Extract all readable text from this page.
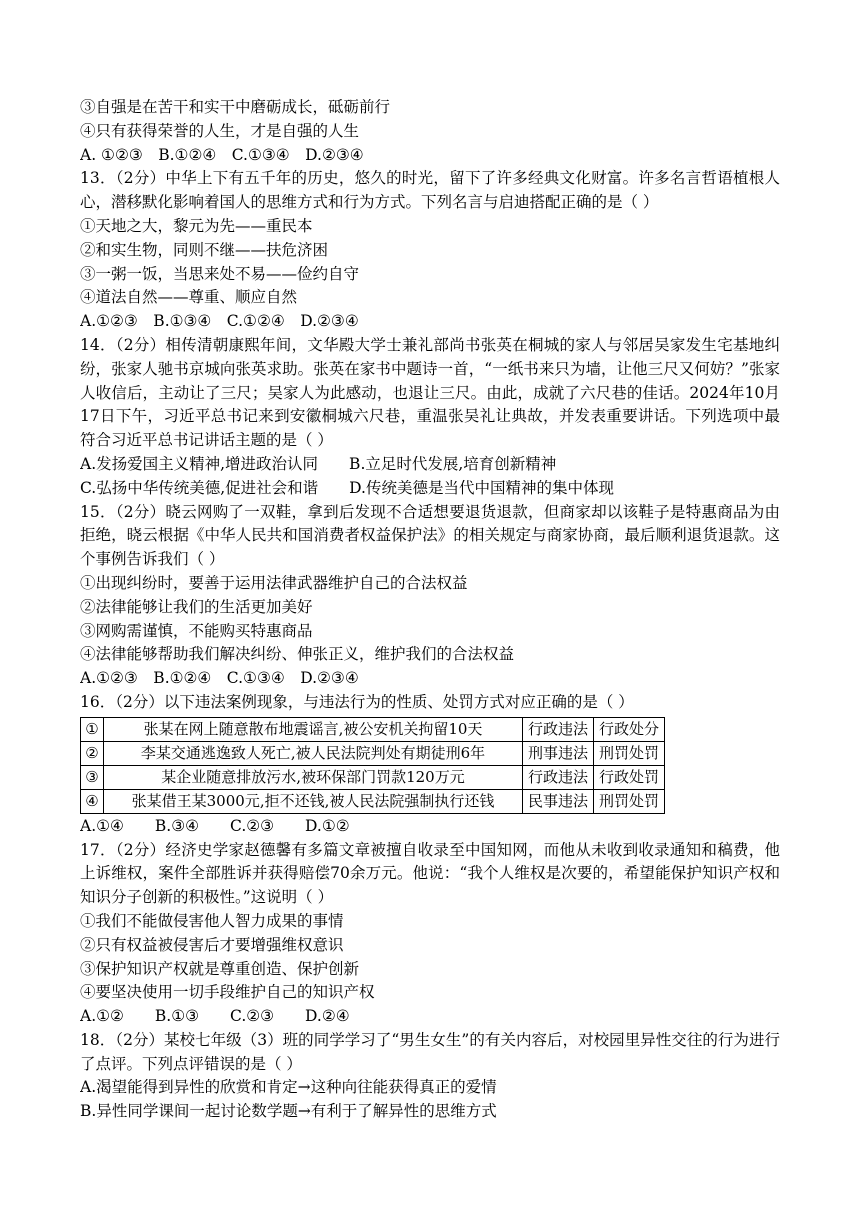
③自强是在苦干和实干中磨砺成长，砥砺前行
④只有获得荣誉的人生，才是自强的人生
A. ①②③　B.①②④　C.①③④　D.②③④
13．（2分）中华上下有五千年的历史，悠久的时光，留下了许多经典文化财富。许多名言哲语植根人心，潜移默化影响着国人的思维方式和行为方式。下列名言与启迪搭配正确的是（ ）
①天地之大，黎元为先——重民本
②和实生物，同则不继——扶危济困
③一粥一饭，当思来处不易——俭约自守
④道法自然——尊重、顺应自然
A.①②③　B.①③④　C.①②④　D.②③④
14．（2分）相传清朝康熙年间，文华殿大学士兼礼部尚书张英在桐城的家人与邻居吴家发生宅基地纠纷，张家人驰书京城向张英求助。张英在家书中题诗一首，“一纸书来只为墙，让他三尺又何妨？”张家人收信后，主动让了三尺；吴家人为此感动，也退让三尺。由此，成就了六尺巷的佳话。2024年10月17日下午，习近平总书记来到安徽桐城六尺巷，重温张吴礼让典故，并发表重要讲话。下列选项中最符合习近平总书记讲话主题的是（ ）
A.发扬爱国主义精神,增进政治认同　　B.立足时代发展,培育创新精神
C.弘扬中华传统美德,促进社会和谐　　D.传统美德是当代中国精神的集中体现
15．（2分）晓云网购了一双鞋，拿到后发现不合适想要退货退款，但商家却以该鞋子是特惠商品为由拒绝，晓云根据《中华人民共和国消费者权益保护法》的相关规定与商家协商，最后顺利退货退款。这个事例告诉我们（ ）
①出现纠纷时，要善于运用法律武器维护自己的合法权益
②法律能够让我们的生活更加美好
③网购需谨慎，不能购买特惠商品
④法律能够帮助我们解决纠纷、伸张正义，维护我们的合法权益
A.①②③　B.①②④　C.①③④　D.②③④
16．（2分）以下违法案例现象，与违法行为的性质、处罚方式对应正确的是（ ）
①	张某在网上随意散布地震谣言,被公安机关拘留10天	行政违法	行政处分
②	李某交通逃逸致人死亡,被人民法院判处有期徒刑6年	刑事违法	刑罚处罚
③	某企业随意排放污水,被环保部门罚款120万元	行政违法	行政处罚
④	张某借王某3000元,拒不还钱,被人民法院强制执行还钱	民事违法	刑罚处罚
A.①④　　B.③④　　C.②③　　D.①②
17．（2分）经济史学家赵德馨有多篇文章被擅自收录至中国知网，而他从未收到收录通知和稿费，他上诉维权，案件全部胜诉并获得赔偿70余万元。他说：“我个人维权是次要的，希望能保护知识产权和知识分子创新的积极性。”这说明（ ）
①我们不能做侵害他人智力成果的事情
②只有权益被侵害后才要增强维权意识
③保护知识产权就是尊重创造、保护创新
④要坚决使用一切手段维护自己的知识产权
A.①②　　B.①③　　C.②③　　D.②④
18．（2分）某校七年级（3）班的同学学习了“男生女生”的有关内容后，对校园里异性交往的行为进行了点评。下列点评错误的是（ ）
A.渴望能得到异性的欣赏和肯定→这种向往能获得真正的爱情
B.异性同学课间一起讨论数学题→有利于了解异性的思维方式
